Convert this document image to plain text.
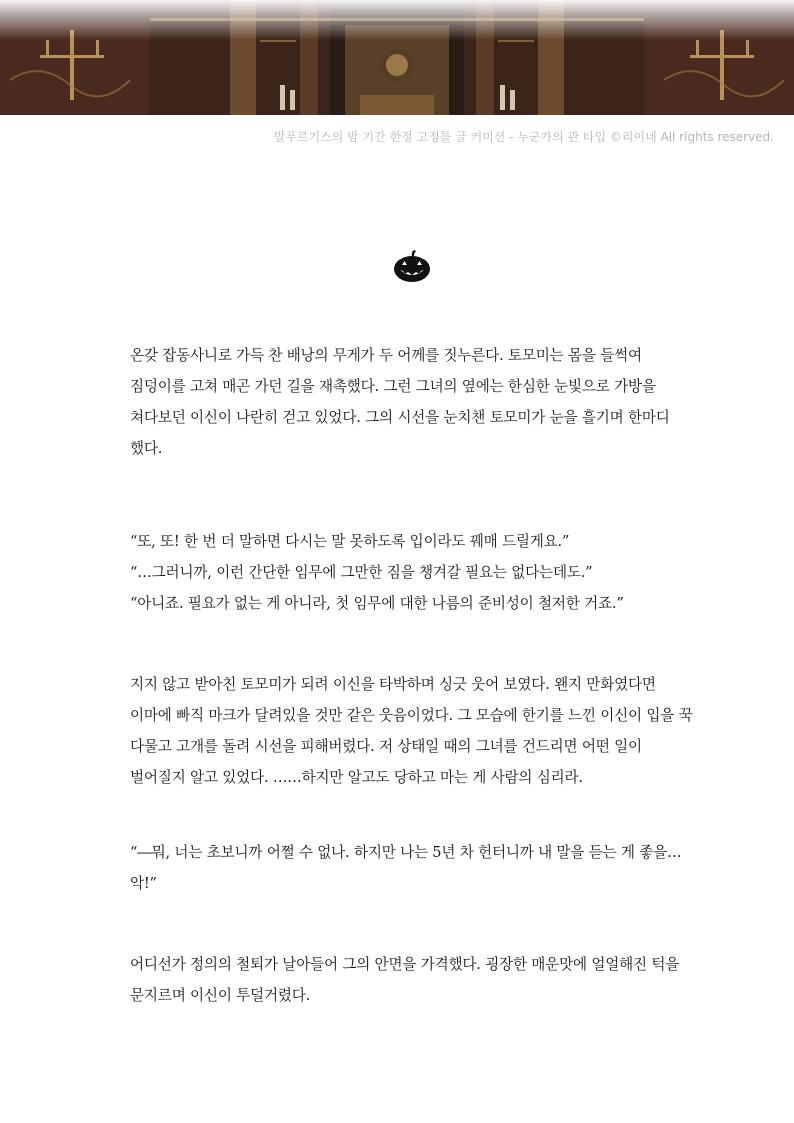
발푸르기스의 밤 기간 한정 고정틀 글 커미션 - 누군가의 관 타입 ©리이네 All rights reserved.

온갖 잡동사니로 가득 찬 배낭의 무게가 두 어께를 짓누른다. 토모미는 몸을 들썩여 짐덩이를 고쳐 매곤 가던 길을 재촉했다. 그런 그녀의 옆에는 한심한 눈빛으로 가방을 쳐다보던 이신이 나란히 걷고 있었다. 그의 시선을 눈치챈 토모미가 눈을 흘기며 한마디 했다.

“또, 또! 한 번 더 말하면 다시는 말 못하도록 입이라도 꿰매 드릴게요.”

“…그러니까, 이런 간단한 임무에 그만한 짐을 챙겨갈 필요는 없다는데도.”

“아니죠. 필요가 없는 게 아니라, 첫 임무에 대한 나름의 준비성이 철저한 거죠.”

지지 않고 받아친 토모미가 되려 이신을 타박하며 싱긋 웃어 보였다. 왠지 만화였다면 이마에 빠직 마크가 달려있을 것만 같은 웃음이었다. 그 모습에 한기를 느낀 이신이 입을 꾹 다물고 고개를 돌려 시선을 피해버렸다. 저 상태일 때의 그녀를 건드리면 어떤 일이 벌어질지 알고 있었다. ……하지만 알고도 당하고 마는 게 사람의 심리라.

“―뭐, 너는 초보니까 어쩔 수 없나. 하지만 나는 5년 차 헌터니까 내 말을 듣는 게 좋을… 악!”

어디선가 정의의 철퇴가 날아들어 그의 안면을 가격했다. 굉장한 매운맛에 얼얼해진 턱을 문지르며 이신이 투덜거렸다.
